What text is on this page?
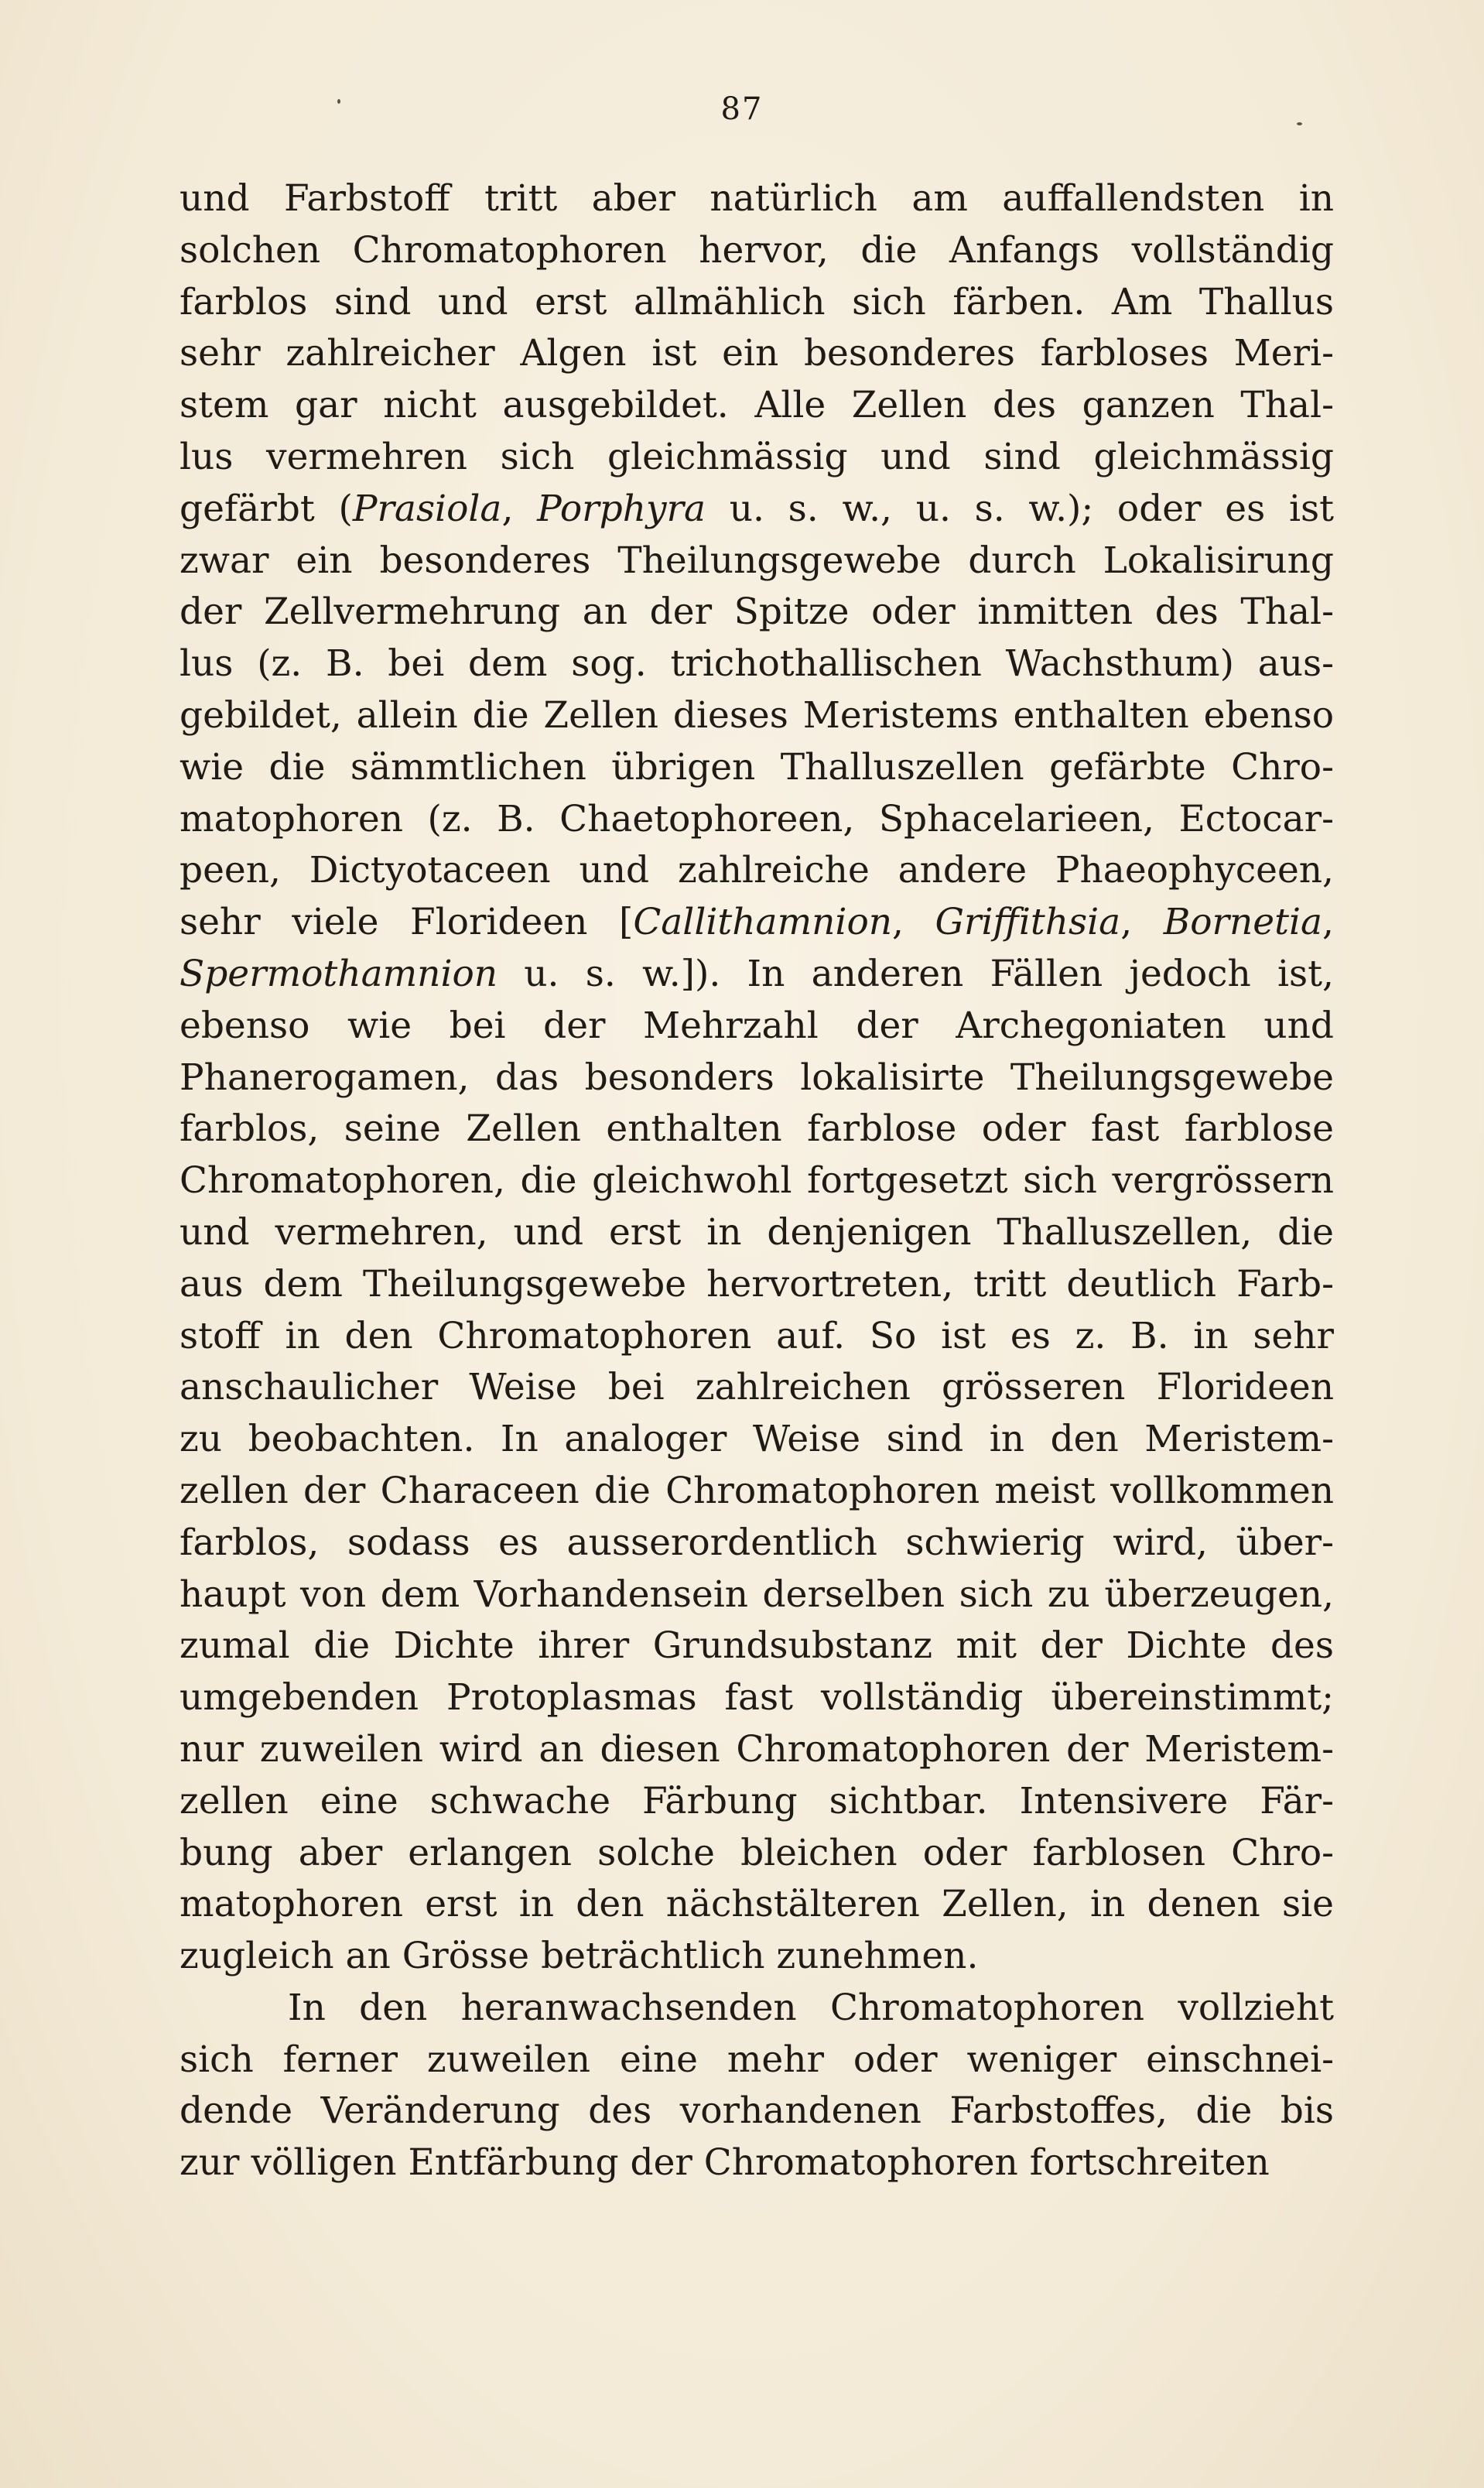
87
und Farbstoff tritt aber natürlich am auffallendsten in
solchen Chromatophoren hervor, die Anfangs vollständig
farblos sind und erst allmählich sich färben. Am Thallus
sehr zahlreicher Algen ist ein besonderes farbloses Meri-
stem gar nicht ausgebildet. Alle Zellen des ganzen Thal-
lus vermehren sich gleichmässig und sind gleichmässig
gefärbt (Prasiola, Porphyra u. s. w., u. s. w.); oder es ist
zwar ein besonderes Theilungsgewebe durch Lokalisirung
der Zellvermehrung an der Spitze oder inmitten des Thal-
lus (z. B. bei dem sog. trichothallischen Wachsthum) aus-
gebildet, allein die Zellen dieses Meristems enthalten ebenso
wie die sämmtlichen übrigen Thalluszellen gefärbte Chro-
matophoren (z. B. Chaetophoreen, Sphacelarieen, Ectocar-
peen, Dictyotaceen und zahlreiche andere Phaeophyceen,
sehr viele Florideen [Callithamnion, Griffithsia, Bornetia,
Spermothamnion u. s. w.]). In anderen Fällen jedoch ist,
ebenso wie bei der Mehrzahl der Archegoniaten und
Phanerogamen, das besonders lokalisirte Theilungsgewebe
farblos, seine Zellen enthalten farblose oder fast farblose
Chromatophoren, die gleichwohl fortgesetzt sich vergrössern
und vermehren, und erst in denjenigen Thalluszellen, die
aus dem Theilungsgewebe hervortreten, tritt deutlich Farb-
stoff in den Chromatophoren auf. So ist es z. B. in sehr
anschaulicher Weise bei zahlreichen grösseren Florideen
zu beobachten. In analoger Weise sind in den Meristem-
zellen der Characeen die Chromatophoren meist vollkommen
farblos, sodass es ausserordentlich schwierig wird, über-
haupt von dem Vorhandensein derselben sich zu überzeugen,
zumal die Dichte ihrer Grundsubstanz mit der Dichte des
umgebenden Protoplasmas fast vollständig übereinstimmt;
nur zuweilen wird an diesen Chromatophoren der Meristem-
zellen eine schwache Färbung sichtbar. Intensivere Fär-
bung aber erlangen solche bleichen oder farblosen Chro-
matophoren erst in den nächstälteren Zellen, in denen sie
zugleich an Grösse beträchtlich zunehmen.
In den heranwachsenden Chromatophoren vollzieht
sich ferner zuweilen eine mehr oder weniger einschnei-
dende Veränderung des vorhandenen Farbstoffes, die bis
zur völligen Entfärbung der Chromatophoren fortschreiten
